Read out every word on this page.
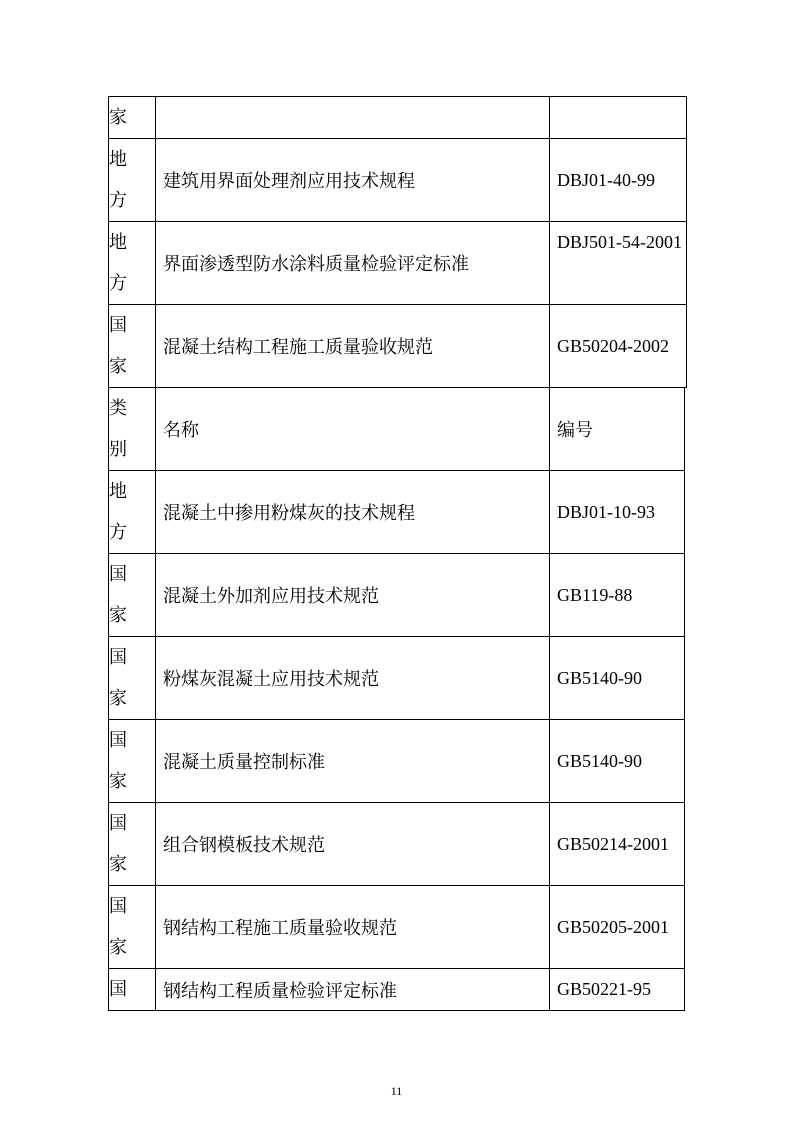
家		

地
方	建筑用界面处理剂应用技术规程	DBJ01-40-99

地
方	界面渗透型防水涂料质量检验评定标准	DBJ501-54-2001

国
家	混凝土结构工程施工质量验收规范	GB50204-2002
类
别	名称	编号

地
方	混凝土中掺用粉煤灰的技术规程	DBJ01-10-93

国
家	混凝土外加剂应用技术规范	GB119-88

国
家	粉煤灰混凝土应用技术规范	GB5140-90

国
家	混凝土质量控制标准	GB5140-90

国
家	组合钢模板技术规范	GB50214-2001

国
家	钢结构工程施工质量验收规范	GB50205-2001

国	钢结构工程质量检验评定标准	GB50221-95
11
